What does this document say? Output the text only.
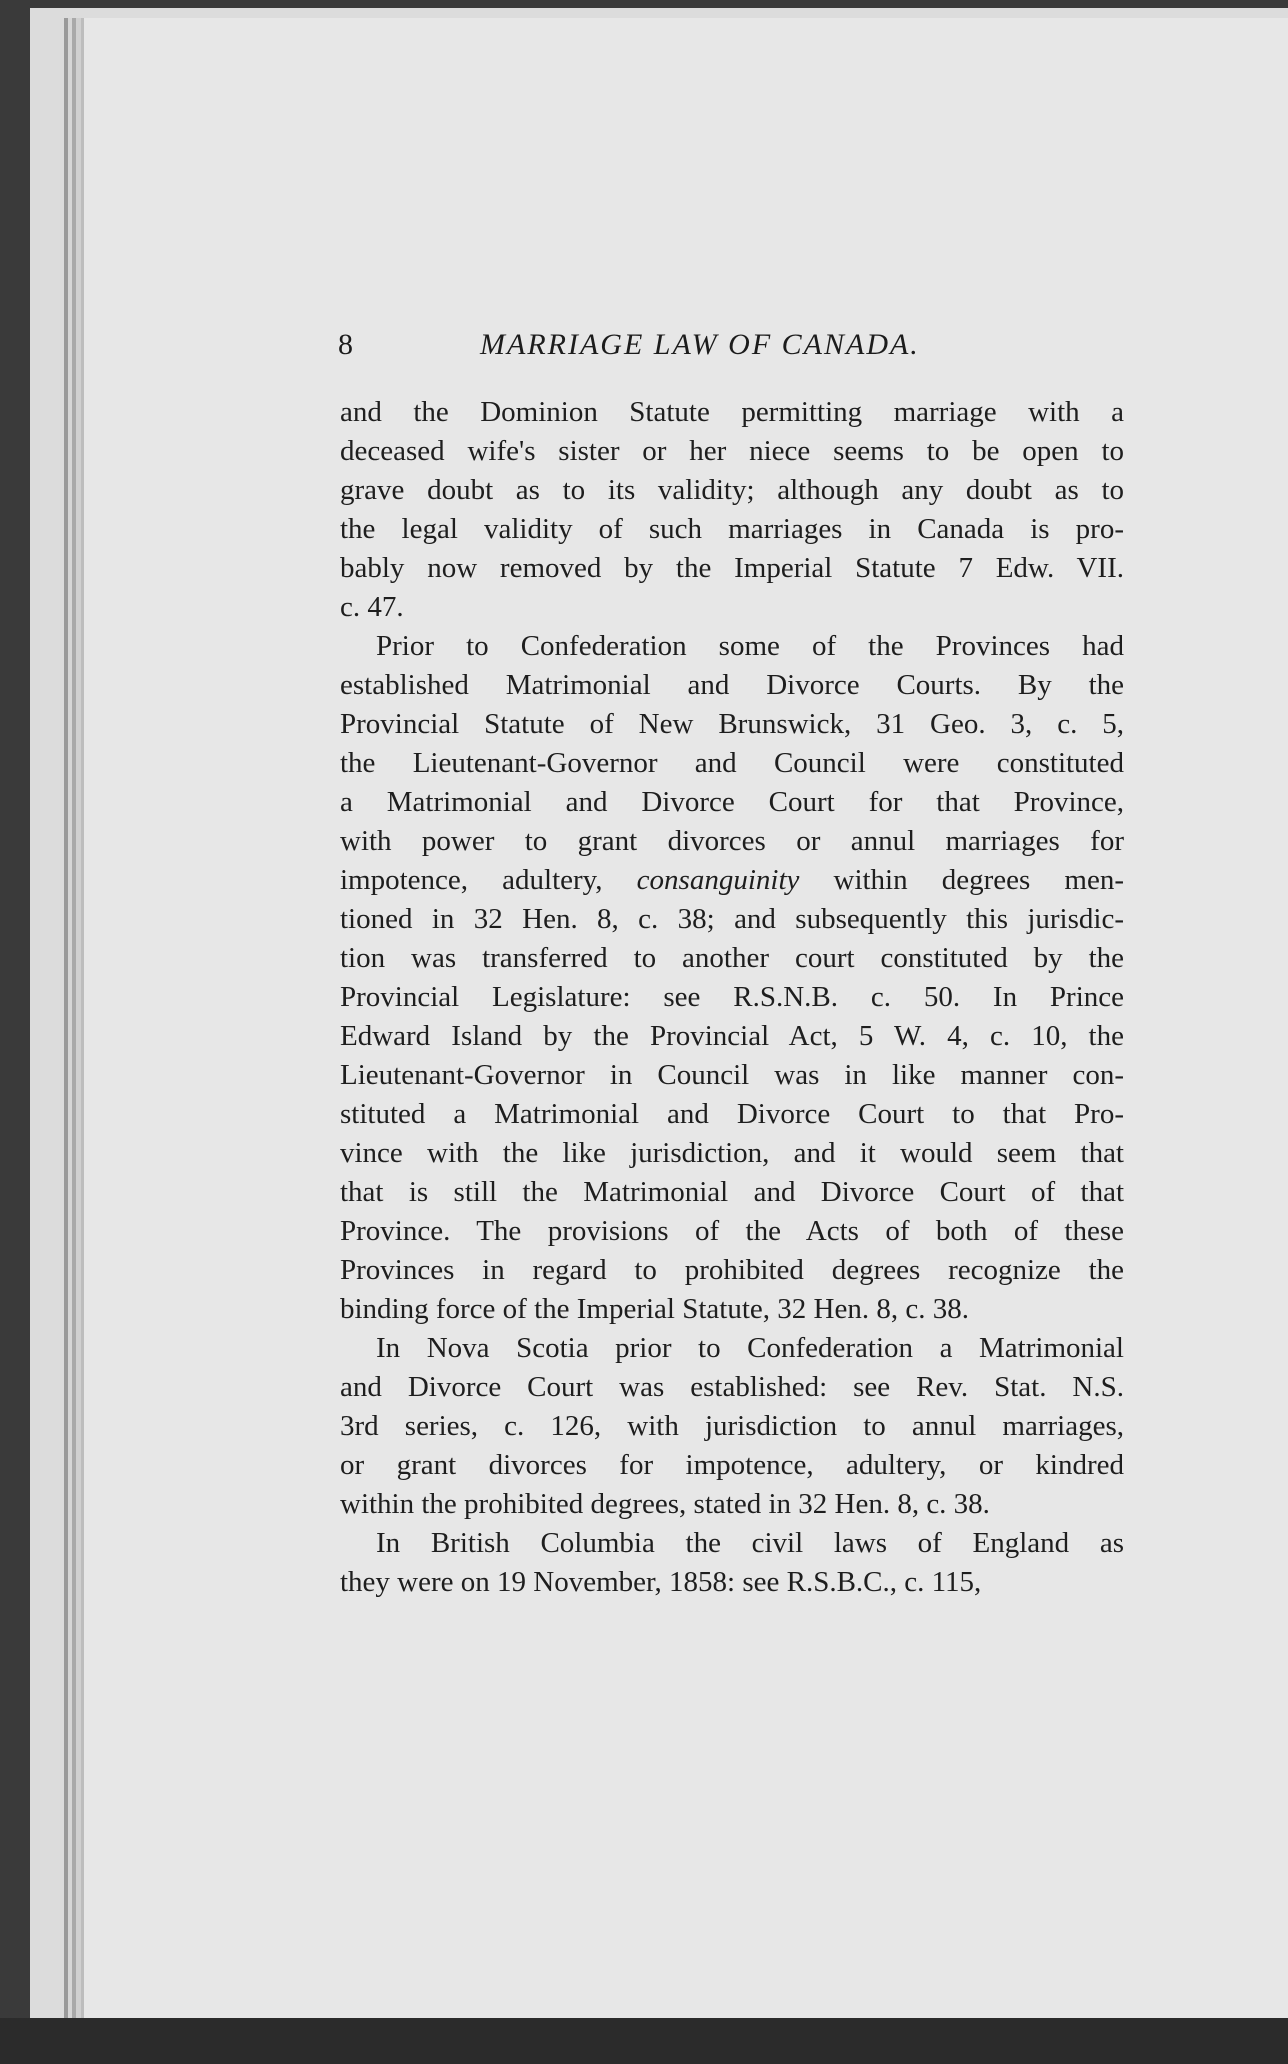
8	MARRIAGE LAW OF CANADA.

and the Dominion Statute permitting marriage with a

deceased wife's sister or her niece seems to be open to

grave doubt as to its validity; although any doubt as to

the legal validity of such marriages in Canada is pro-

bably now removed by the Imperial Statute 7 Edw. VII.

c. 47.

Prior to Confederation some of the Provinces had

established Matrimonial and Divorce Courts. By the

Provincial Statute of New Brunswick, 31 Geo. 3, c. 5,

the Lieutenant-Governor and Council were constituted

a Matrimonial and Divorce Court for that Province,

with power to grant divorces or annul marriages for

impotence, adultery, consanguinity within degrees men-

tioned in 32 Hen. 8, c. 38; and subsequently this jurisdic-

tion was transferred to another court constituted by the

Provincial Legislature: see R.S.N.B. c. 50. In Prince

Edward Island by the Provincial Act, 5 W. 4, c. 10, the

Lieutenant-Governor in Council was in like manner con-

stituted a Matrimonial and Divorce Court to that Pro-

vince with the like jurisdiction, and it would seem that

that is still the Matrimonial and Divorce Court of that

Province. The provisions of the Acts of both of these

Provinces in regard to prohibited degrees recognize the

binding force of the Imperial Statute, 32 Hen. 8, c. 38.

In Nova Scotia prior to Confederation a Matrimonial

and Divorce Court was established: see Rev. Stat. N.S.

3rd series, c. 126, with jurisdiction to annul marriages,

or grant divorces for impotence, adultery, or kindred

within the prohibited degrees, stated in 32 Hen. 8, c. 38.

In British Columbia the civil laws of England as

they were on 19 November, 1858: see R.S.B.C., c. 115,
